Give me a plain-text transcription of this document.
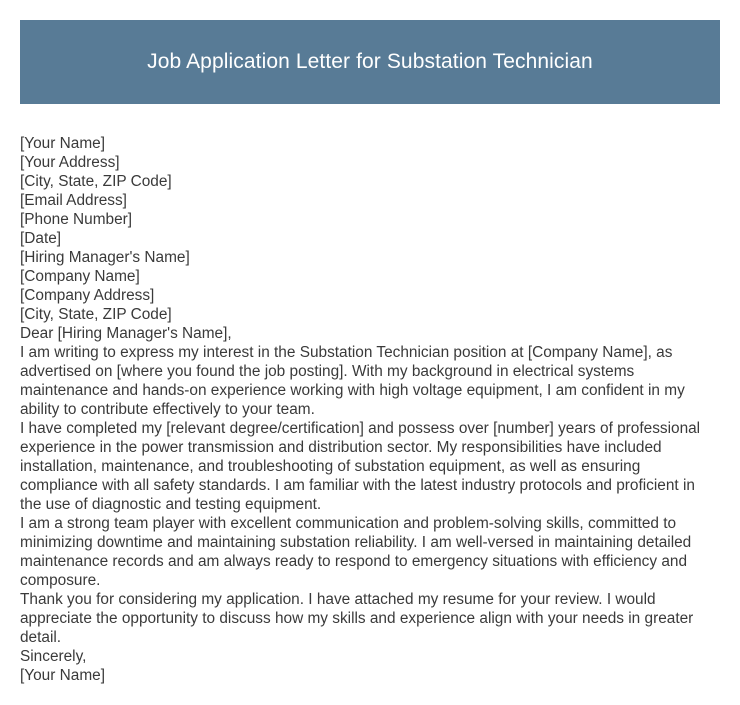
Job Application Letter for Substation Technician
[Your Name]
[Your Address]
[City, State, ZIP Code]
[Email Address]
[Phone Number]
[Date]
[Hiring Manager's Name]
[Company Name]
[Company Address]
[City, State, ZIP Code]
Dear [Hiring Manager's Name],
I am writing to express my interest in the Substation Technician position at [Company Name], as advertised on [where you found the job posting]. With my background in electrical systems maintenance and hands-on experience working with high voltage equipment, I am confident in my ability to contribute effectively to your team.
I have completed my [relevant degree/certification] and possess over [number] years of professional experience in the power transmission and distribution sector. My responsibilities have included installation, maintenance, and troubleshooting of substation equipment, as well as ensuring compliance with all safety standards. I am familiar with the latest industry protocols and proficient in the use of diagnostic and testing equipment.
I am a strong team player with excellent communication and problem-solving skills, committed to minimizing downtime and maintaining substation reliability. I am well-versed in maintaining detailed maintenance records and am always ready to respond to emergency situations with efficiency and composure.
Thank you for considering my application. I have attached my resume for your review. I would appreciate the opportunity to discuss how my skills and experience align with your needs in greater detail.
Sincerely,
[Your Name]
